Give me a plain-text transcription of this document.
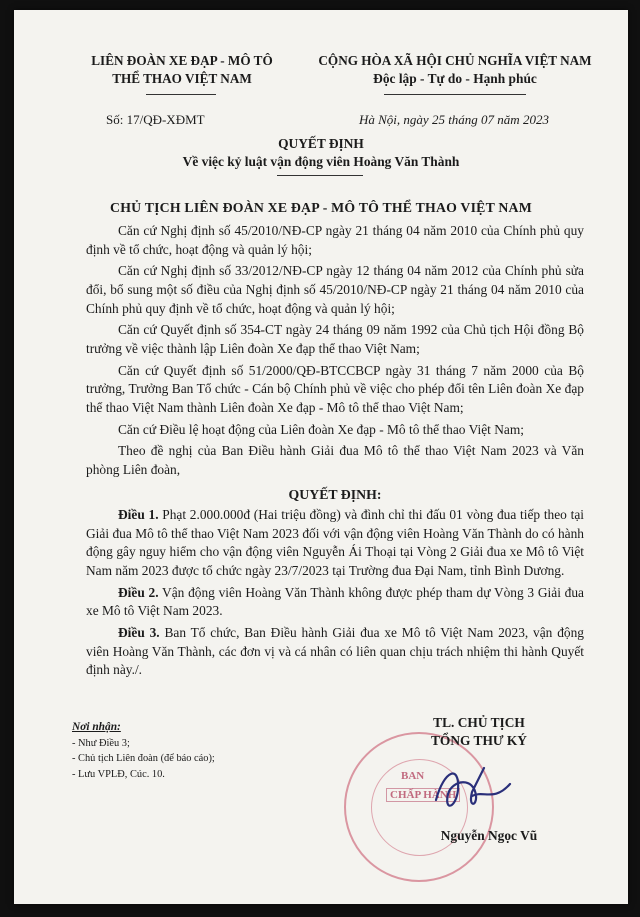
LIÊN ĐOÀN XE ĐẠP - MÔ TÔ
THỂ THAO VIỆT NAM
CỘNG HÒA XÃ HỘI CHỦ NGHĨA VIỆT NAM
Độc lập - Tự do - Hạnh phúc
Số: 17/QĐ-XĐMT	Hà Nội, ngày 25 tháng 07 năm 2023
QUYẾT ĐỊNH
Về việc kỷ luật vận động viên Hoàng Văn Thành
CHỦ TỊCH LIÊN ĐOÀN XE ĐẠP - MÔ TÔ THỂ THAO VIỆT NAM

Căn cứ Nghị định số 45/2010/NĐ-CP ngày 21 tháng 04 năm 2010 của Chính phủ quy định về tổ chức, hoạt động và quản lý hội;

Căn cứ Nghị định số 33/2012/NĐ-CP ngày 12 tháng 04 năm 2012 của Chính phủ sửa đổi, bổ sung một số điều của Nghị định số 45/2010/NĐ-CP ngày 21 tháng 04 năm 2010 của Chính phủ quy định về tổ chức, hoạt động và quản lý hội;

Căn cứ Quyết định số 354-CT ngày 24 tháng 09 năm 1992 của Chủ tịch Hội đồng Bộ trưởng về việc thành lập Liên đoàn Xe đạp thể thao Việt Nam;

Căn cứ Quyết định số 51/2000/QĐ-BTCCBCP ngày 31 tháng 7 năm 2000 của Bộ trưởng, Trưởng Ban Tổ chức - Cán bộ Chính phủ về việc cho phép đổi tên Liên đoàn Xe đạp thể thao Việt Nam thành Liên đoàn Xe đạp - Mô tô thể thao Việt Nam;

Căn cứ Điều lệ hoạt động của Liên đoàn Xe đạp - Mô tô thể thao Việt Nam;

Theo đề nghị của Ban Điều hành Giải đua Mô tô thể thao Việt Nam 2023 và Văn phòng Liên đoàn,

QUYẾT ĐỊNH:

Điều 1. Phạt 2.000.000đ (Hai triệu đồng) và đình chỉ thi đấu 01 vòng đua tiếp theo tại Giải đua Mô tô thể thao Việt Nam 2023 đối với vận động viên Hoàng Văn Thành do có hành động gây nguy hiểm cho vận động viên Nguyễn Ái Thoại tại Vòng 2 Giải đua xe Mô tô Việt Nam năm 2023 được tổ chức ngày 23/7/2023 tại Trường đua Đại Nam, tỉnh Bình Dương.

Điều 2. Vận động viên Hoàng Văn Thành không được phép tham dự Vòng 3 Giải đua xe Mô tô Việt Nam 2023.

Điều 3. Ban Tổ chức, Ban Điều hành Giải đua xe Mô tô Việt Nam 2023, vận động viên Hoàng Văn Thành, các đơn vị và cá nhân có liên quan chịu trách nhiệm thi hành Quyết định này./.

Nơi nhận:
- Như Điều 3;
- Chủ tịch Liên đoàn (để báo cáo);
- Lưu VPLĐ, Cúc. 10.	BAN
CHẤP HÀNH
TL. CHỦ TỊCH
TỔNG THƯ KÝ
Nguyễn Ngọc Vũ
